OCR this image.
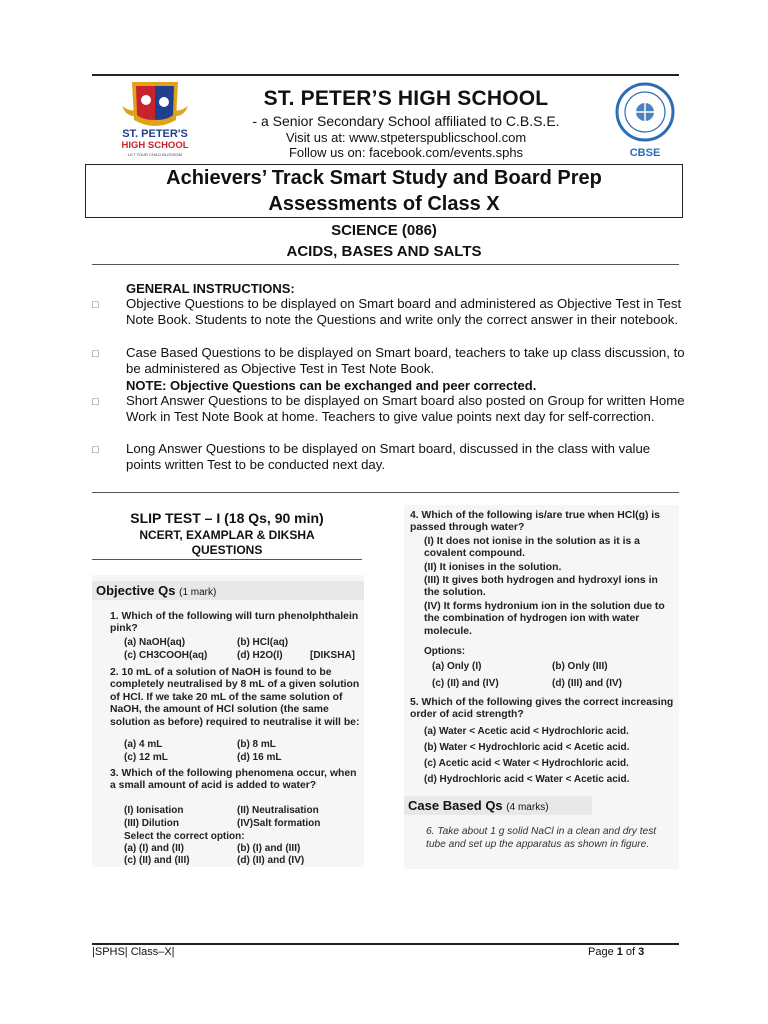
ST. PETER'S
HIGH SCHOOL
LET YOUR CHILD BLOSSOM
ST. PETER’S HIGH SCHOOL
- a Senior Secondary School affiliated to C.B.S.E.
Visit us at: www.stpeterspublicschool.com
Follow us on: facebook.com/events.sphs	CBSE
Achievers’ Track Smart Study and Board Prep
Assessments of Class X
SCIENCE (086)
ACIDS, BASES AND SALTS
GENERAL INSTRUCTIONS:
□ Objective Questions to be displayed on Smart board and administered as Objective Test in Test Note Book. Students to note the Questions and write only the correct answer in their notebook.
□ Case Based Questions to be displayed on Smart board, teachers to take up class discussion, to be administered as Objective Test in Test Note Book.
NOTE: Objective Questions can be exchanged and peer corrected.
□ Short Answer Questions to be displayed on Smart board also posted on Group for written Home Work in Test Note Book at home. Teachers to give value points next day for self-correction.
□ Long Answer Questions to be displayed on Smart board, discussed in the class with value points written Test to be conducted next day.
SLIP TEST – I (18 Qs, 90 min)
NCERT, EXAMPLAR & DIKSHA
QUESTIONS
Objective Qs (1 mark)
1. Which of the following will turn phenolphthalein pink?
(a) NaOH(aq)	(b) HCl(aq)
(c) CH3COOH(aq)	(d) H2O(l)	[DIKSHA]
2. 10 mL of a solution of NaOH is found to be completely neutralised by 8 mL of a given solution of HCl. If we take 20 mL of the same solution of NaOH, the amount of HCl solution (the same solution as before) required to neutralise it will be:
(a) 4 mL	(b) 8 mL
(c) 12 mL	(d) 16 mL
3. Which of the following phenomena occur, when a small amount of acid is added to water?
(I) Ionisation	(II) Neutralisation
(III) Dilution	(IV)Salt formation
Select the correct option:
(a) (I) and (II)	(b) (I) and (III)
(c) (II) and (III)	(d) (II) and (IV)
4. Which of the following is/are true when HCl(g) is passed through water?
(I) It does not ionise in the solution as it is a covalent compound.
(II) It ionises in the solution.
(III) It gives both hydrogen and hydroxyl ions in the solution.
(IV) It forms hydronium ion in the solution due to the combination of hydrogen ion with water molecule.
Options:
(a) Only (I)	(b) Only (III)
(c) (II) and (IV)	(d) (III) and (IV)
5. Which of the following gives the correct increasing order of acid strength?
(a) Water < Acetic acid < Hydrochloric acid.
(b) Water < Hydrochloric acid < Acetic acid.
(c) Acetic acid < Water < Hydrochloric acid.
(d) Hydrochloric acid < Water < Acetic acid.
Case Based Qs (4 marks)
6. Take about 1 g solid NaCl in a clean and dry test tube and set up the apparatus as shown in figure.
|SPHS| Class–X|	Page 1 of 3
